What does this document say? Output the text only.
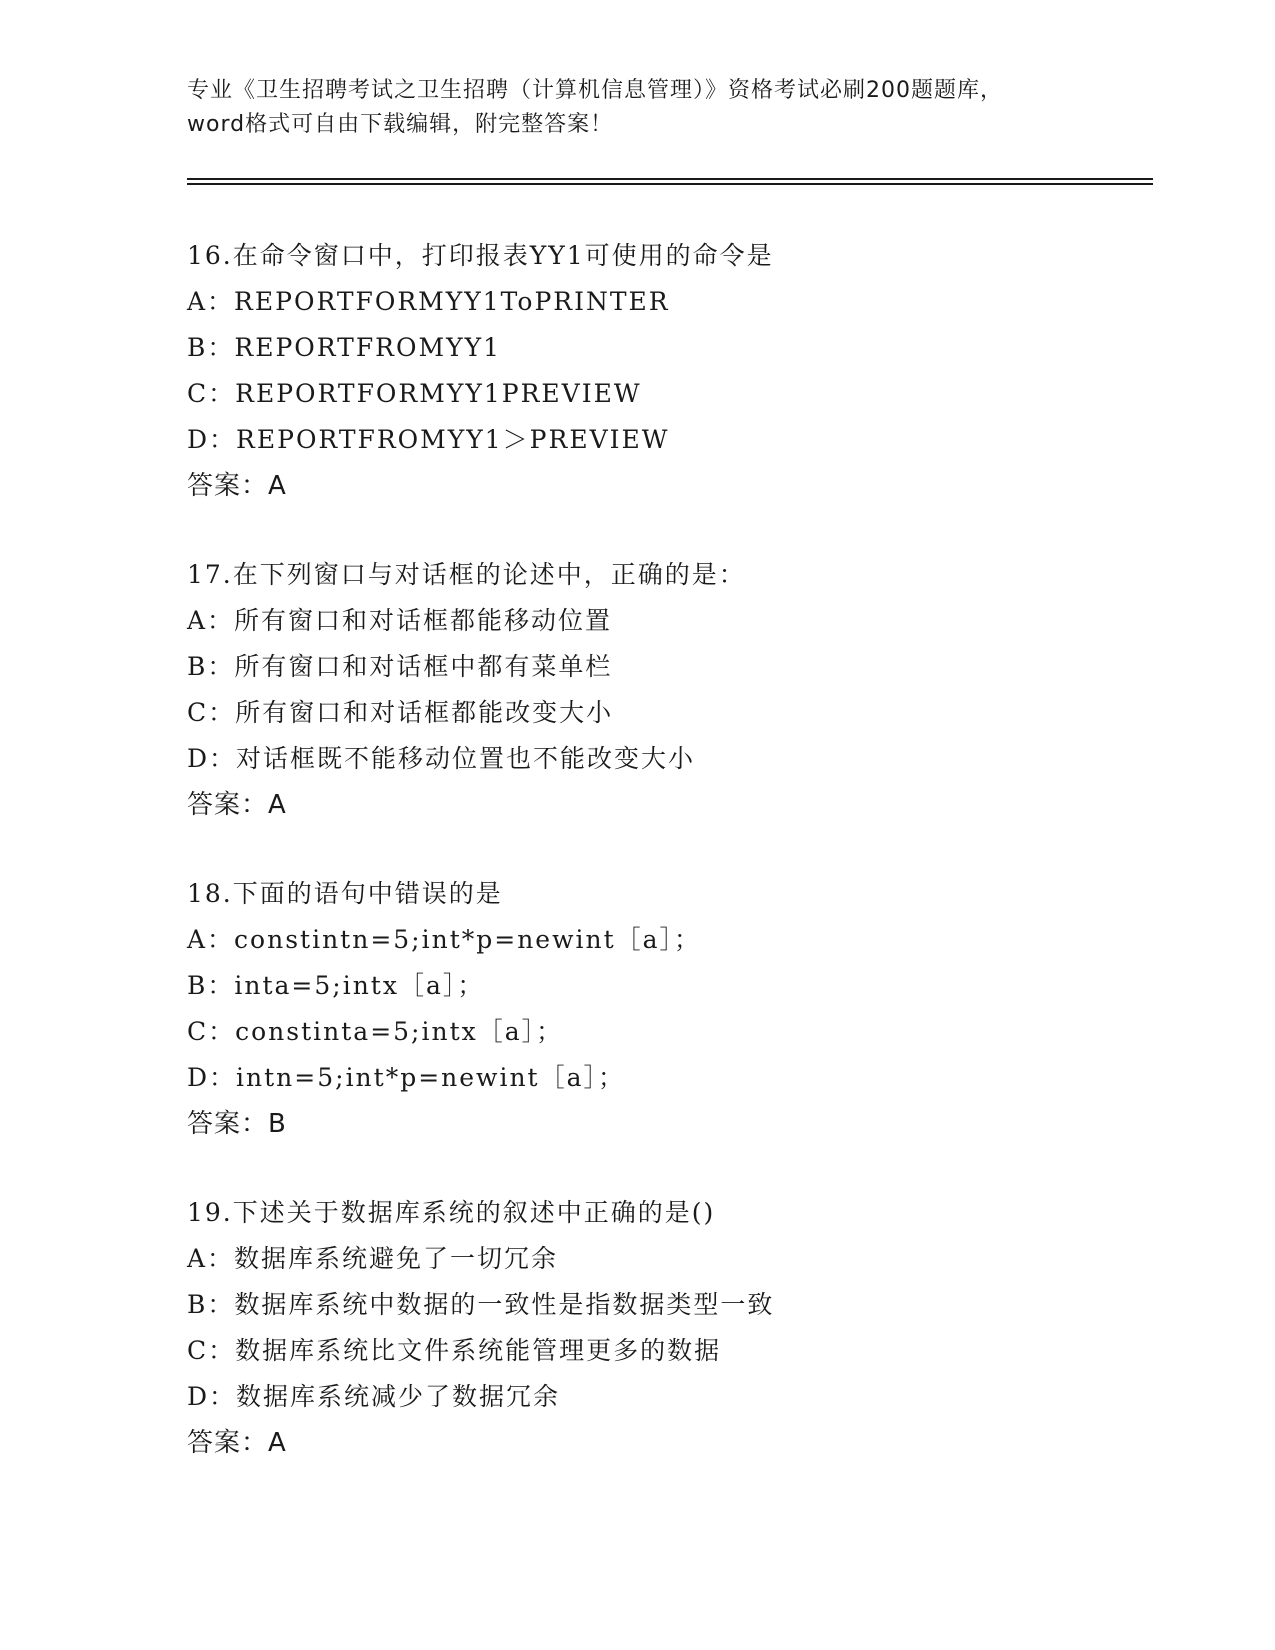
专业《卫生招聘考试之卫生招聘（计算机信息管理）》资格考试必刷200题题库，
word格式可自由下载编辑，附完整答案！
16.在命令窗口中，打印报表YY1可使用的命令是
A：REPORTFORMYY1ToPRINTER
B：REPORTFROMYY1
C：REPORTFORMYY1PREVIEW
D：REPORTFROMYY1＞PREVIEW
答案：A
17.在下列窗口与对话框的论述中，正确的是：
A：所有窗口和对话框都能移动位置
B：所有窗口和对话框中都有菜单栏
C：所有窗口和对话框都能改变大小
D：对话框既不能移动位置也不能改变大小
答案：A
18.下面的语句中错误的是
A：constintn=5;int*p=newint［a］；
B：inta=5;intx［a］；
C：constinta=5;intx［a］；
D：intn=5;int*p=newint［a］；
答案：B
19.下述关于数据库系统的叙述中正确的是()
A：数据库系统避免了一切冗余
B：数据库系统中数据的一致性是指数据类型一致
C：数据库系统比文件系统能管理更多的数据
D：数据库系统减少了数据冗余
答案：A
